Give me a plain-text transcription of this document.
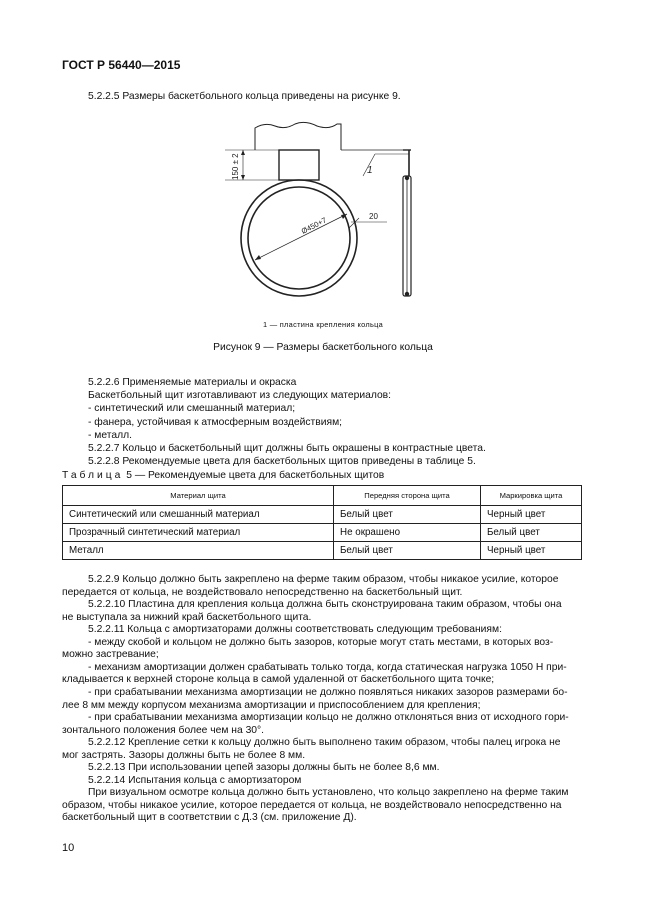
ГОСТ Р 56440—2015
5.2.2.5 Размеры баскетбольного кольца приведены на рисунке 9.
150 ± 2
Ø450+7	20
1
1 — пластина крепления кольца
Рисунок 9 — Размеры баскетбольного кольца
5.2.2.6 Применяемые материалы и окраска
Баскетбольный щит изготавливают из следующих материалов:
- синтетический или смешанный материал;
- фанера, устойчивая к атмосферным воздействиям;
- металл.
5.2.2.7 Кольцо и баскетбольный щит должны быть окрашены в контрастные цвета.
5.2.2.8 Рекомендуемые цвета для баскетбольных щитов приведены в таблице 5.
Таблица 5 — Рекомендуемые цвета для баскетбольных щитов
Материал щита	Передняя сторона щита	Маркировка щита
Синтетический или смешанный материал	Белый цвет	Черный цвет
Прозрачный синтетический материал	Не окрашено	Белый цвет
Металл	Белый цвет	Черный цвет
5.2.2.9 Кольцо должно быть закреплено на ферме таким образом, чтобы никакое усилие, которое
передается от кольца, не воздействовало непосредственно на баскетбольный щит.
5.2.2.10 Пластина для крепления кольца должна быть сконструирована таким образом, чтобы она
не выступала за нижний край баскетбольного щита.
5.2.2.11 Кольца с амортизаторами должны соответствовать следующим требованиям:
- между скобой и кольцом не должно быть зазоров, которые могут стать местами, в которых воз-
можно застревание;
- механизм амортизации должен срабатывать только тогда, когда статическая нагрузка 1050 Н при-
кладывается к верхней стороне кольца в самой удаленной от баскетбольного щита точке;
- при срабатывании механизма амортизации не должно появляться никаких зазоров размерами бо-
лее 8 мм между корпусом механизма амортизации и приспособлением для крепления;
- при срабатывании механизма амортизации кольцо не должно отклоняться вниз от исходного гори-
зонтального положения более чем на 30°.
5.2.2.12 Крепление сетки к кольцу должно быть выполнено таким образом, чтобы палец игрока не
мог застрять. Зазоры должны быть не более 8 мм.
5.2.2.13 При использовании цепей зазоры должны быть не более 8,6 мм.
5.2.2.14 Испытания кольца с амортизатором
При визуальном осмотре кольца должно быть установлено, что кольцо закреплено на ферме таким
образом, чтобы никакое усилие, которое передается от кольца, не воздействовало непосредственно на
баскетбольный щит в соответствии с Д.3 (см. приложение Д).
10
